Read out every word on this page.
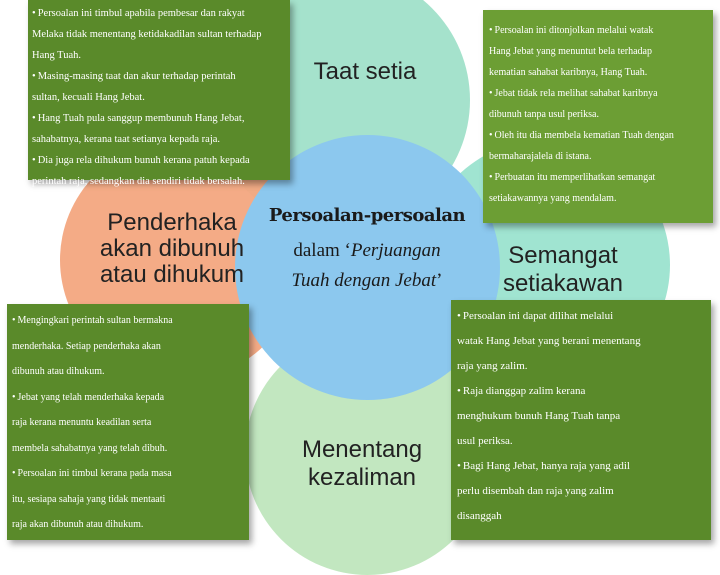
Taat setia
Semangat setiakawan
Menentang kezaliman
Penderhaka akan dibunuh atau dihukum
Persoalan-persoalan
dalam ‘Perjuangan
Tuah dengan Jebat’

• Persoalan ini timbul apabila pembesar dan rakyat

Melaka tidak menentang ketidakadilan sultan terhadap

Hang Tuah.

• Masing-masing taat dan akur terhadap perintah

sultan, kecuali Hang Jebat.

• Hang Tuah pula sanggup membunuh Hang Jebat,

sahabatnya, kerana taat setianya kepada raja.

• Dia juga rela dihukum bunuh kerana patuh kepada

perintah raja, sedangkan dia sendiri tidak bersalah.

• Persoalan ini ditonjolkan melalui watak

Hang Jebat yang menuntut bela terhadap

kematian sahabat karibnya, Hang Tuah.

• Jebat tidak rela melihat sahabat karibnya

dibunuh tanpa usul periksa.

• Oleh itu dia membela kematian Tuah dengan

bermaharajalela di istana.

• Perbuatan itu memperlihatkan semangat

setiakawannya yang mendalam.

• Mengingkari perintah sultan bermakna

menderhaka. Setiap penderhaka akan

dibunuh atau dihukum.

• Jebat yang telah menderhaka kepada

raja kerana menuntu keadilan serta

membela sahabatnya yang telah dibuh.

• Persoalan ini timbul kerana pada masa

itu, sesiapa sahaja yang tidak mentaati

raja akan dibunuh atau dihukum.

• Persoalan ini dapat dilihat melalui

watak Hang Jebat yang berani menentang

raja yang zalim.

• Raja dianggap zalim kerana

menghukum bunuh Hang Tuah tanpa

usul periksa.

• Bagi Hang Jebat, hanya raja yang adil

perlu disembah dan raja yang zalim

disanggah
